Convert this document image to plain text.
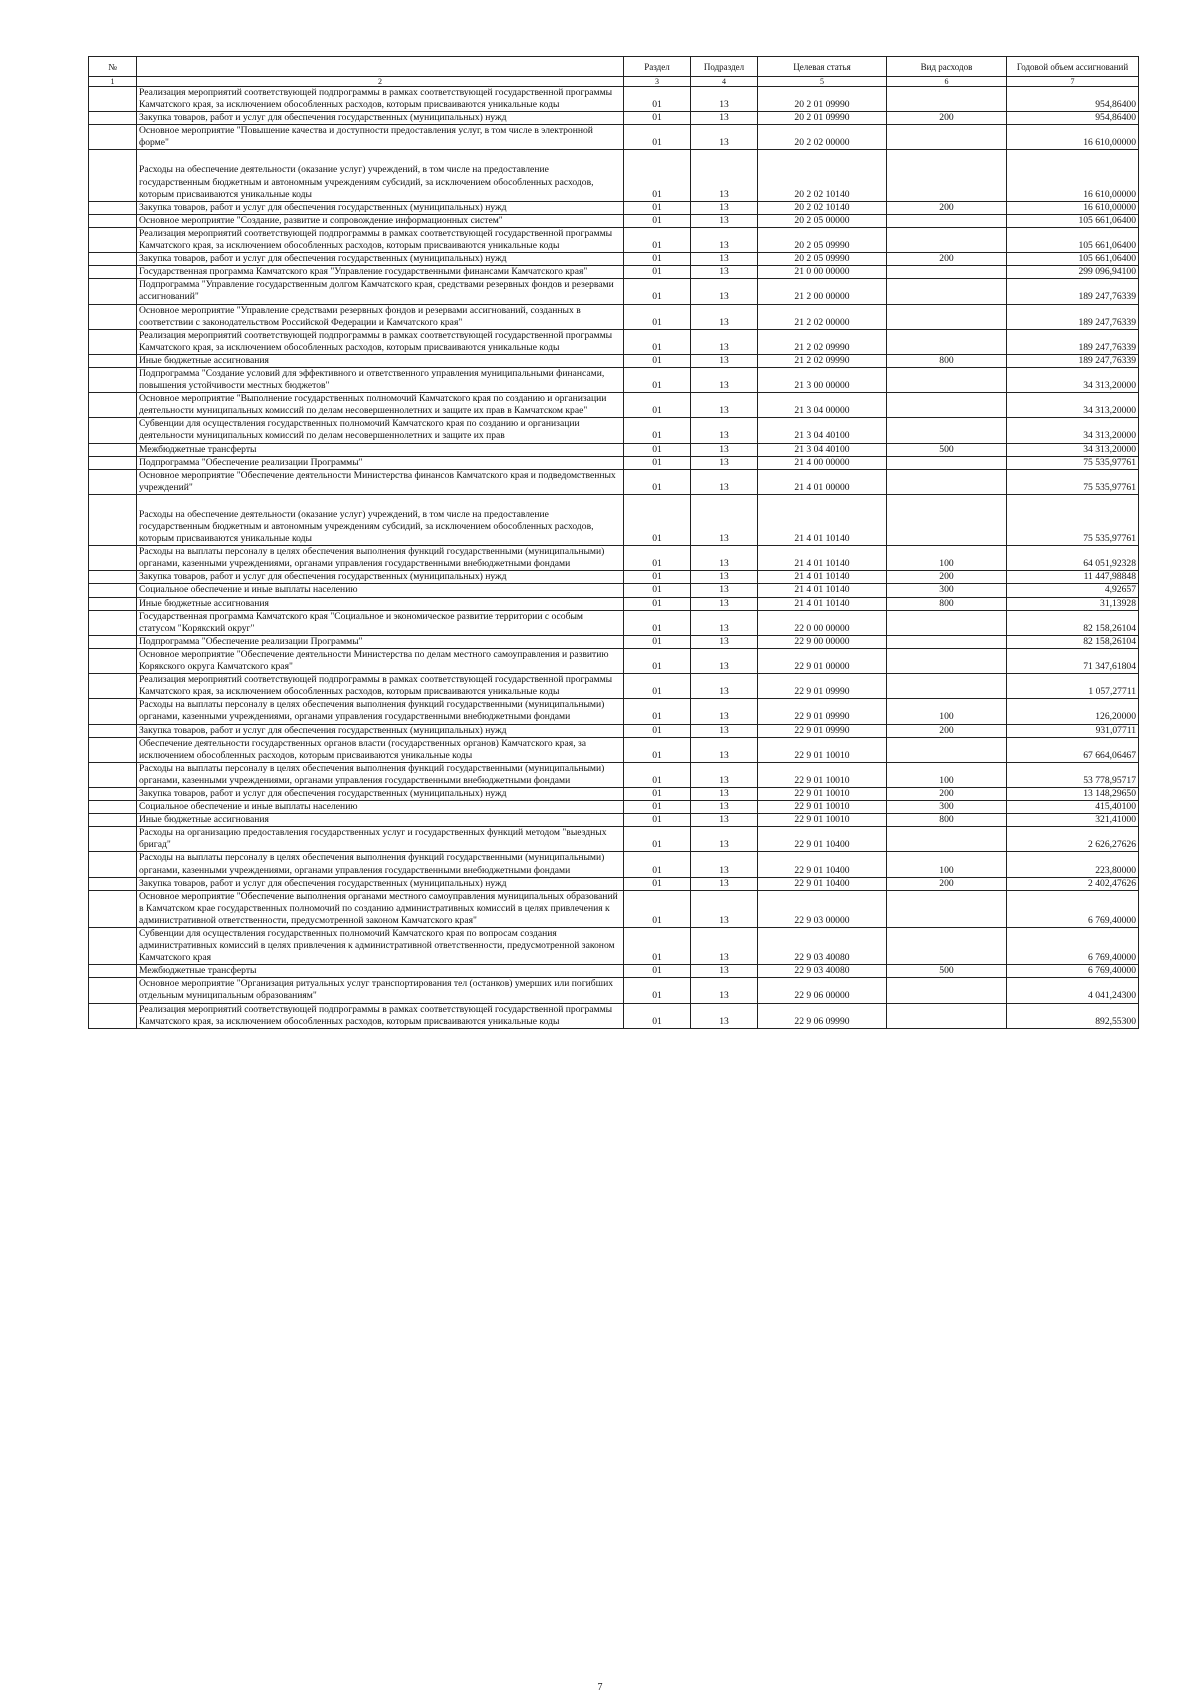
№		Раздел	Подраздел	Целевая статья	Вид расходов	Годовой объем ассигнований
1	2	3	4	5	6	7
	Реализация мероприятий соответствующей подпрограммы в рамках соответствующей государственной программы Камчатского края, за исключением обособленных расходов, которым присваиваются уникальные коды	01	13	20 2 01 09990		954,86400
	Закупка товаров, работ и услуг для обеспечения государственных (муниципальных) нужд	01	13	20 2 01 09990	200	954,86400
	Основное мероприятие "Повышение качества и доступности предоставления услуг, в том числе в электронной форме"	01	13	20 2 02 00000		16 610,00000
	Расходы на обеспечение деятельности (оказание услуг) учреждений, в том числе на предоставление государственным бюджетным и автономным учреждениям субсидий, за исключением обособленных расходов, которым присваиваются уникальные коды	01	13	20 2 02 10140		16 610,00000
	Закупка товаров, работ и услуг для обеспечения государственных (муниципальных) нужд	01	13	20 2 02 10140	200	16 610,00000
	Основное мероприятие "Создание, развитие и сопровождение информационных систем"	01	13	20 2 05 00000		105 661,06400
	Реализация мероприятий соответствующей подпрограммы в рамках соответствующей государственной программы Камчатского края, за исключением обособленных расходов, которым присваиваются уникальные коды	01	13	20 2 05 09990		105 661,06400
	Закупка товаров, работ и услуг для обеспечения государственных (муниципальных) нужд	01	13	20 2 05 09990	200	105 661,06400
	Государственная программа Камчатского края "Управление государственными финансами Камчатского края"	01	13	21 0 00 00000		299 096,94100
	Подпрограмма "Управление государственным долгом Камчатского края, средствами резервных фондов и резервами ассигнований"	01	13	21 2 00 00000		189 247,76339
	Основное мероприятие "Управление средствами резервных фондов и резервами ассигнований, созданных в соответствии с законодательством Российской Федерации и Камчатского края"	01	13	21 2 02 00000		189 247,76339
	Реализация мероприятий соответствующей подпрограммы в рамках соответствующей государственной программы Камчатского края, за исключением обособленных расходов, которым присваиваются уникальные коды	01	13	21 2 02 09990		189 247,76339
	Иные бюджетные ассигнования	01	13	21 2 02 09990	800	189 247,76339
	Подпрограмма "Создание условий для эффективного и ответственного управления муниципальными финансами, повышения устойчивости местных бюджетов"	01	13	21 3 00 00000		34 313,20000
	Основное мероприятие "Выполнение государственных полномочий Камчатского края по созданию и организации деятельности муниципальных комиссий по делам несовершеннолетних и защите их прав в Камчатском крае"	01	13	21 3 04 00000		34 313,20000
	Субвенции для осуществления государственных полномочий Камчатского края по созданию и организации деятельности муниципальных комиссий по делам несовершеннолетних и защите их прав	01	13	21 3 04 40100		34 313,20000
	Межбюджетные трансферты	01	13	21 3 04 40100	500	34 313,20000
	Подпрограмма "Обеспечение реализации Программы"	01	13	21 4 00 00000		75 535,97761
	Основное мероприятие "Обеспечение деятельности Министерства финансов Камчатского края и подведомственных учреждений"	01	13	21 4 01 00000		75 535,97761
	Расходы на обеспечение деятельности (оказание услуг) учреждений, в том числе на предоставление государственным бюджетным и автономным учреждениям субсидий, за исключением обособленных расходов, которым присваиваются уникальные коды	01	13	21 4 01 10140		75 535,97761
	Расходы на выплаты персоналу в целях обеспечения выполнения функций государственными (муниципальными) органами, казенными учреждениями, органами управления государственными внебюджетными фондами	01	13	21 4 01 10140	100	64 051,92328
	Закупка товаров, работ и услуг для обеспечения государственных (муниципальных) нужд	01	13	21 4 01 10140	200	11 447,98848
	Социальное обеспечение и иные выплаты населению	01	13	21 4 01 10140	300	4,92657
	Иные бюджетные ассигнования	01	13	21 4 01 10140	800	31,13928
	Государственная программа Камчатского края "Социальное и экономическое развитие территории с особым статусом "Корякский округ"	01	13	22 0 00 00000		82 158,26104
	Подпрограмма "Обеспечение реализации Программы"	01	13	22 9 00 00000		82 158,26104
	Основное мероприятие "Обеспечение деятельности Министерства по делам местного самоуправления и развитию Корякского округа Камчатского края"	01	13	22 9 01 00000		71 347,61804
	Реализация мероприятий соответствующей подпрограммы в рамках соответствующей государственной программы Камчатского края, за исключением обособленных расходов, которым присваиваются уникальные коды	01	13	22 9 01 09990		1 057,27711
	Расходы на выплаты персоналу в целях обеспечения выполнения функций государственными (муниципальными) органами, казенными учреждениями, органами управления государственными внебюджетными фондами	01	13	22 9 01 09990	100	126,20000
	Закупка товаров, работ и услуг для обеспечения государственных (муниципальных) нужд	01	13	22 9 01 09990	200	931,07711
	Обеспечение деятельности государственных органов власти (государственных органов) Камчатского края, за исключением обособленных расходов, которым присваиваются уникальные коды	01	13	22 9 01 10010		67 664,06467
	Расходы на выплаты персоналу в целях обеспечения выполнения функций государственными (муниципальными) органами, казенными учреждениями, органами управления государственными внебюджетными фондами	01	13	22 9 01 10010	100	53 778,95717
	Закупка товаров, работ и услуг для обеспечения государственных (муниципальных) нужд	01	13	22 9 01 10010	200	13 148,29650
	Социальное обеспечение и иные выплаты населению	01	13	22 9 01 10010	300	415,40100
	Иные бюджетные ассигнования	01	13	22 9 01 10010	800	321,41000
	Расходы на организацию предоставления государственных услуг и государственных функций методом "выездных бригад"	01	13	22 9 01 10400		2 626,27626
	Расходы на выплаты персоналу в целях обеспечения выполнения функций государственными (муниципальными) органами, казенными учреждениями, органами управления государственными внебюджетными фондами	01	13	22 9 01 10400	100	223,80000
	Закупка товаров, работ и услуг для обеспечения государственных (муниципальных) нужд	01	13	22 9 01 10400	200	2 402,47626
	Основное мероприятие "Обеспечение выполнения органами местного самоуправления муниципальных образований в Камчатском крае государственных полномочий по созданию административных комиссий в целях привлечения к административной ответственности, предусмотренной законом Камчатского края"	01	13	22 9 03 00000		6 769,40000
	Субвенции для осуществления государственных полномочий Камчатского края по вопросам создания административных комиссий в целях привлечения к административной ответственности, предусмотренной законом Камчатского края	01	13	22 9 03 40080		6 769,40000
	Межбюджетные трансферты	01	13	22 9 03 40080	500	6 769,40000
	Основное мероприятие "Организация ритуальных услуг транспортирования тел (останков) умерших или погибших отдельным муниципальным образованиям"	01	13	22 9 06 00000		4 041,24300
	Реализация мероприятий соответствующей подпрограммы в рамках соответствующей государственной программы Камчатского края, за исключением обособленных расходов, которым присваиваются уникальные коды	01	13	22 9 06 09990		892,55300
7
